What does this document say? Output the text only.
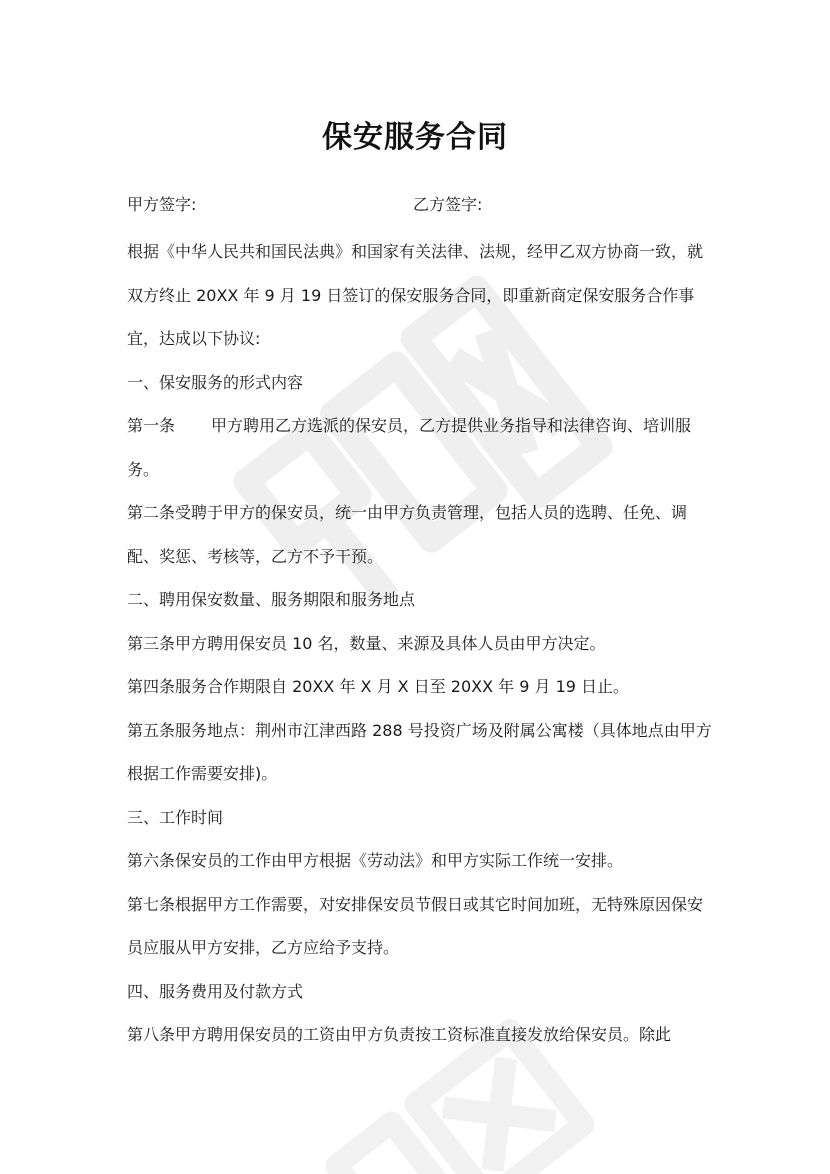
保安服务合同
甲方签字:	乙方签字:

根据《中华人民共和国民法典》和国家有关法律、法规，经甲乙双方协商一致，就双方终止 20XX 年 9 月 19 日签订的保安服务合同，即重新商定保安服务合作事宜，达成以下协议:

一、保安服务的形式内容

第一条 甲方聘用乙方选派的保安员，乙方提供业务指导和法律咨询、培训服务。

第二条受聘于甲方的保安员，统一由甲方负责管理，包括人员的选聘、任免、调配、奖惩、考核等，乙方不予干预。

二、聘用保安数量、服务期限和服务地点

第三条甲方聘用保安员 10 名，数量、来源及具体人员由甲方决定。

第四条服务合作期限自 20XX 年 X 月 X 日至 20XX 年 9 月 19 日止。

第五条服务地点：荆州市江津西路 288 号投资广场及附属公寓楼（具体地点由甲方根据工作需要安排)。

三、工作时间

第六条保安员的工作由甲方根据《劳动法》和甲方实际工作统一安排。

第七条根据甲方工作需要，对安排保安员节假日或其它时间加班，无特殊原因保安员应服从甲方安排，乙方应给予支持。

四、服务费用及付款方式

第八条甲方聘用保安员的工资由甲方负责按工资标准直接发放给保安员。除此
